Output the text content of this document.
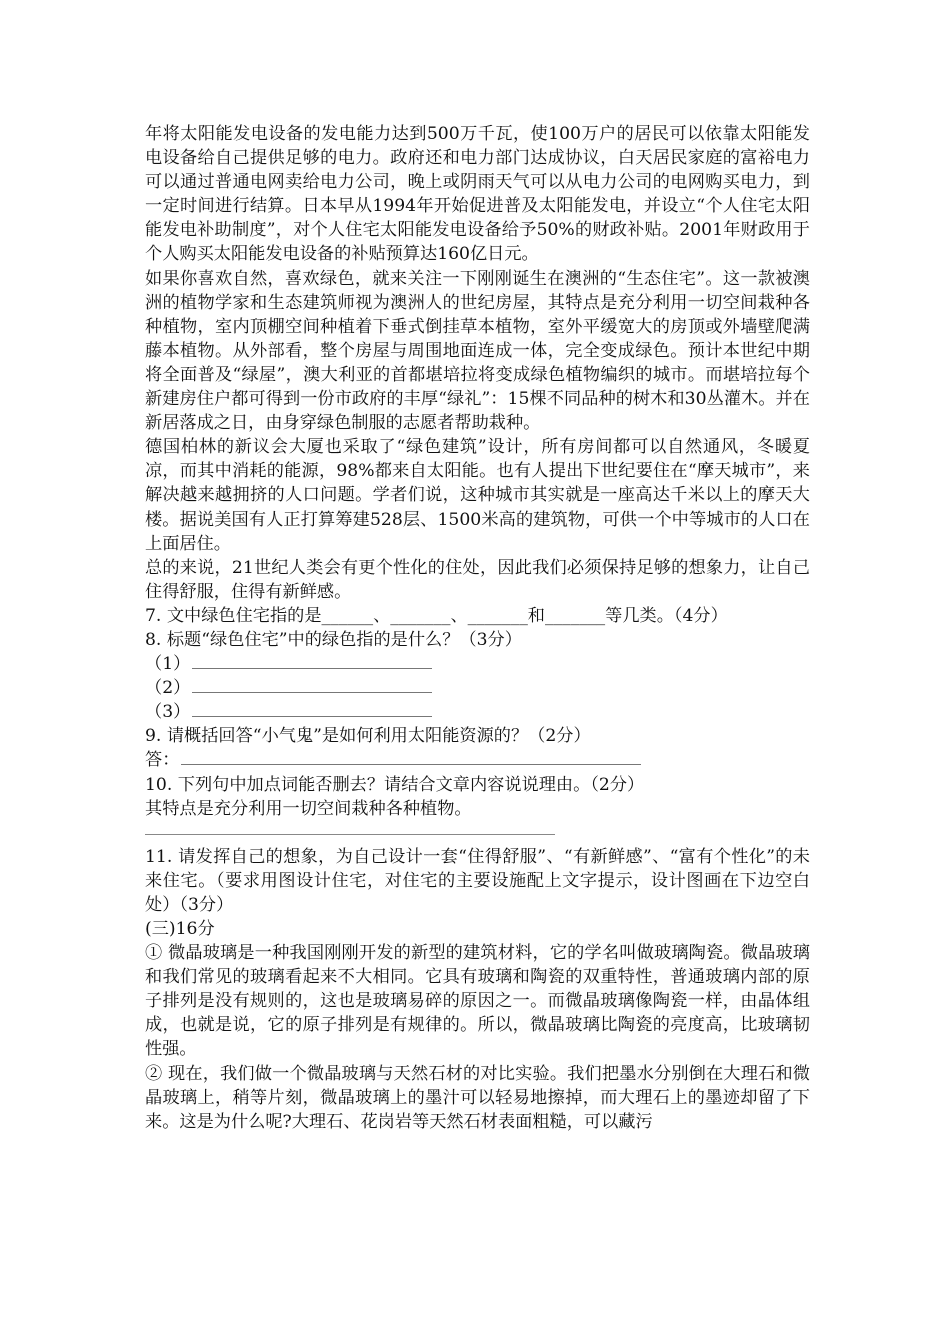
年将太阳能发电设备的发电能力达到500万千瓦，使100万户的居民可以依靠太阳能发电设备给自己提供足够的电力。政府还和电力部门达成协议，白天居民家庭的富裕电力可以通过普通电网卖给电力公司，晚上或阴雨天气可以从电力公司的电网购买电力，到一定时间进行结算。日本早从1994年开始促进普及太阳能发电，并设立“个人住宅太阳能发电补助制度”，对个人住宅太阳能发电设备给予50%的财政补贴。2001年财政用于个人购买太阳能发电设备的补贴预算达160亿日元。

如果你喜欢自然，喜欢绿色，就来关注一下刚刚诞生在澳洲的“生态住宅”。这一款被澳洲的植物学家和生态建筑师视为澳洲人的世纪房屋，其特点是充分利用一切空间栽种各种植物，室内顶棚空间种植着下垂式倒挂草本植物，室外平缓宽大的房顶或外墙壁爬满藤本植物。从外部看，整个房屋与周围地面连成一体，完全变成绿色。预计本世纪中期将全面普及“绿屋”，澳大利亚的首都堪培拉将变成绿色植物编织的城市。而堪培拉每个新建房住户都可得到一份市政府的丰厚“绿礼”：15棵不同品种的树木和30丛灌木。并在新居落成之日，由身穿绿色制服的志愿者帮助栽种。

德国柏林的新议会大厦也采取了“绿色建筑”设计，所有房间都可以自然通风，冬暖夏凉，而其中消耗的能源，98%都来自太阳能。也有人提出下世纪要住在“摩天城市”，来解决越来越拥挤的人口问题。学者们说，这种城市其实就是一座高达千米以上的摩天大楼。据说美国有人正打算筹建528层、1500米高的建筑物，可供一个中等城市的人口在上面居住。

总的来说，21世纪人类会有更个性化的住处，因此我们必须保持足够的想象力，让自己住得舒服，住得有新鲜感。

7. 文中绿色住宅指的是______、_______、_______和_______等几类。（4分）

8. 标题“绿色住宅”中的绿色指的是什么？（3分）

（1）

（2）

（3）

9. 请概括回答“小气鬼”是如何利用太阳能资源的？（2分）

答：

10. 下列句中加点词能否删去？请结合文章内容说说理由。（2分）

其特点是充分利用一切空间栽种各种植物。

11. 请发挥自己的想象，为自己设计一套“住得舒服”、“有新鲜感”、“富有个性化”的未来住宅。（要求用图设计住宅，对住宅的主要设施配上文字提示，设计图画在下边空白处）（3分）

(三)16分

① 微晶玻璃是一种我国刚刚开发的新型的建筑材料，它的学名叫做玻璃陶瓷。微晶玻璃和我们常见的玻璃看起来不大相同。它具有玻璃和陶瓷的双重特性，普通玻璃内部的原子排列是没有规则的，这也是玻璃易碎的原因之一。而微晶玻璃像陶瓷一样，由晶体组成，也就是说，它的原子排列是有规律的。所以，微晶玻璃比陶瓷的亮度高，比玻璃韧性强。

② 现在，我们做一个微晶玻璃与天然石材的对比实验。我们把墨水分别倒在大理石和微晶玻璃上，稍等片刻，微晶玻璃上的墨汁可以轻易地擦掉，而大理石上的墨迹却留了下来。这是为什么呢?大理石、花岗岩等天然石材表面粗糙，可以藏污
